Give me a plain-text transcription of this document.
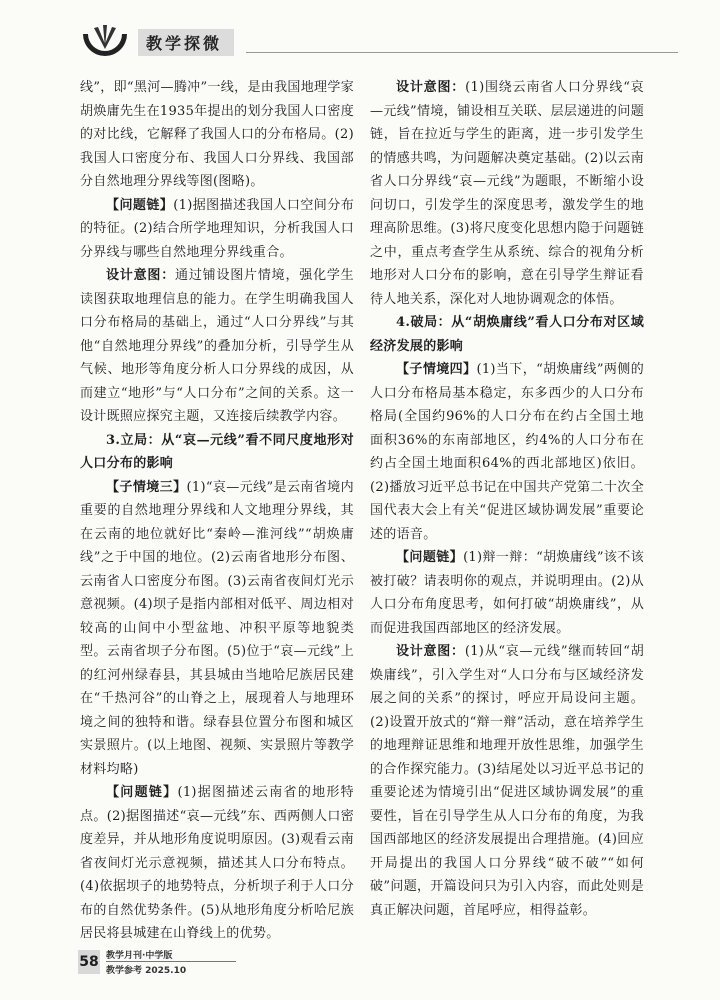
教学探微

线”，即“黑河—腾冲”一线，是由我国地理学家胡焕庸先生在1935年提出的划分我国人口密度的对比线，它解释了我国人口的分布格局。(2)我国人口密度分布、我国人口分界线、我国部分自然地理分界线等图(图略)。

【问题链】(1)据图描述我国人口空间分布的特征。(2)结合所学地理知识，分析我国人口分界线与哪些自然地理分界线重合。

设计意图：通过铺设图片情境，强化学生读图获取地理信息的能力。在学生明确我国人口分布格局的基础上，通过“人口分界线”与其他“自然地理分界线”的叠加分析，引导学生从气候、地形等角度分析人口分界线的成因，从而建立“地形”与“人口分布”之间的关系。这一设计既照应探究主题，又连接后续教学内容。

3.立局：从“哀—元线”看不同尺度地形对人口分布的影响

【子情境三】(1)“哀—元线”是云南省境内重要的自然地理分界线和人文地理分界线，其在云南的地位就好比“秦岭—淮河线”“胡焕庸线”之于中国的地位。(2)云南省地形分布图、云南省人口密度分布图。(3)云南省夜间灯光示意视频。(4)坝子是指内部相对低平、周边相对较高的山间中小型盆地、冲积平原等地貌类型。云南省坝子分布图。(5)位于“哀—元线”上的红河州绿春县，其县城由当地哈尼族居民建在“千热河谷”的山脊之上，展现着人与地理环境之间的独特和谐。绿春县位置分布图和城区实景照片。(以上地图、视频、实景照片等教学材料均略)

【问题链】(1)据图描述云南省的地形特点。(2)据图描述“哀—元线”东、西两侧人口密度差异，并从地形角度说明原因。(3)观看云南省夜间灯光示意视频，描述其人口分布特点。(4)依据坝子的地势特点，分析坝子利于人口分布的自然优势条件。(5)从地形角度分析哈尼族居民将县城建在山脊线上的优势。

设计意图：(1)围绕云南省人口分界线“哀—元线”情境，铺设相互关联、层层递进的问题链，旨在拉近与学生的距离，进一步引发学生的情感共鸣，为问题解决奠定基础。(2)以云南省人口分界线“哀—元线”为题眼，不断缩小设问切口，引发学生的深度思考，激发学生的地理高阶思维。(3)将尺度变化思想内隐于问题链之中，重点考查学生从系统、综合的视角分析地形对人口分布的影响，意在引导学生辩证看待人地关系，深化对人地协调观念的体悟。

4.破局：从“胡焕庸线”看人口分布对区域经济发展的影响

【子情境四】(1)当下，“胡焕庸线”两侧的人口分布格局基本稳定，东多西少的人口分布格局(全国约96%的人口分布在约占全国土地面积36%的东南部地区，约4%的人口分布在约占全国土地面积64%的西北部地区)依旧。(2)播放习近平总书记在中国共产党第二十次全国代表大会上有关“促进区域协调发展”重要论述的语音。

【问题链】(1)辩一辩：“胡焕庸线”该不该被打破？请表明你的观点，并说明理由。(2)从人口分布角度思考，如何打破“胡焕庸线”，从而促进我国西部地区的经济发展。

设计意图：(1)从“哀—元线”继而转回“胡焕庸线”，引入学生对“人口分布与区域经济发展之间的关系”的探讨，呼应开局设问主题。(2)设置开放式的“辩一辩”活动，意在培养学生的地理辩证思维和地理开放性思维，加强学生的合作探究能力。(3)结尾处以习近平总书记的重要论述为情境引出“促进区域协调发展”的重要性，旨在引导学生从人口分布的角度，为我国西部地区的经济发展提出合理措施。(4)回应开局提出的我国人口分界线“破不破”“如何破”问题，开篇设问只为引入内容，而此处则是真正解决问题，首尾呼应，相得益彰。

58 教学月刊·中学版
教学参考 2025.10
